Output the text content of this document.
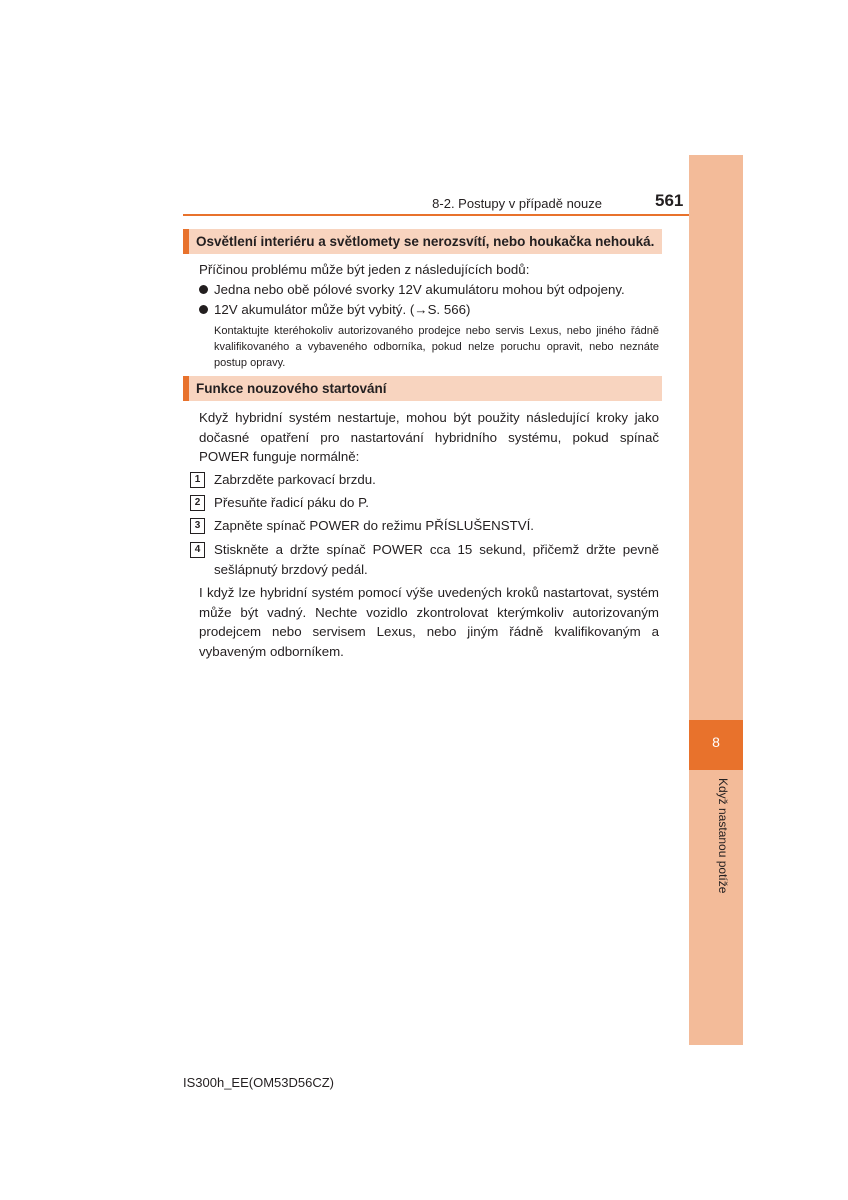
8
Když nastanou potíže
8-2. Postupy v případě nouze	561
Osvětlení interiéru a světlomety se nerozsvítí, nebo houkačka nehouká.
Příčinou problému může být jeden z následujících bodů:
Jedna nebo obě pólové svorky 12V akumulátoru mohou být odpojeny.
12V akumulátor může být vybitý. (→S. 566)
Kontaktujte kteréhokoliv autorizovaného prodejce nebo servis Lexus, nebo jiného řádně kvalifikovaného a vybaveného odborníka, pokud nelze poruchu opravit, nebo neznáte postup opravy.
Funkce nouzového startování
Když hybridní systém nestartuje, mohou být použity následující kroky jako dočasné opatření pro nastartování hybridního systému, pokud spínač POWER funguje normálně:
1	Zabrzděte parkovací brzdu.
2	Přesuňte řadicí páku do P.
3	Zapněte spínač POWER do režimu PŘÍSLUŠENSTVÍ.
4	Stiskněte a držte spínač POWER cca 15 sekund, přičemž držte pevně sešlápnutý brzdový pedál.
I když lze hybridní systém pomocí výše uvedených kroků nastartovat, systém může být vadný. Nechte vozidlo zkontrolovat kterýmkoliv autorizovaným prodejcem nebo servisem Lexus, nebo jiným řádně kvalifikovaným a vybaveným odborníkem.
IS300h_EE(OM53D56CZ)
